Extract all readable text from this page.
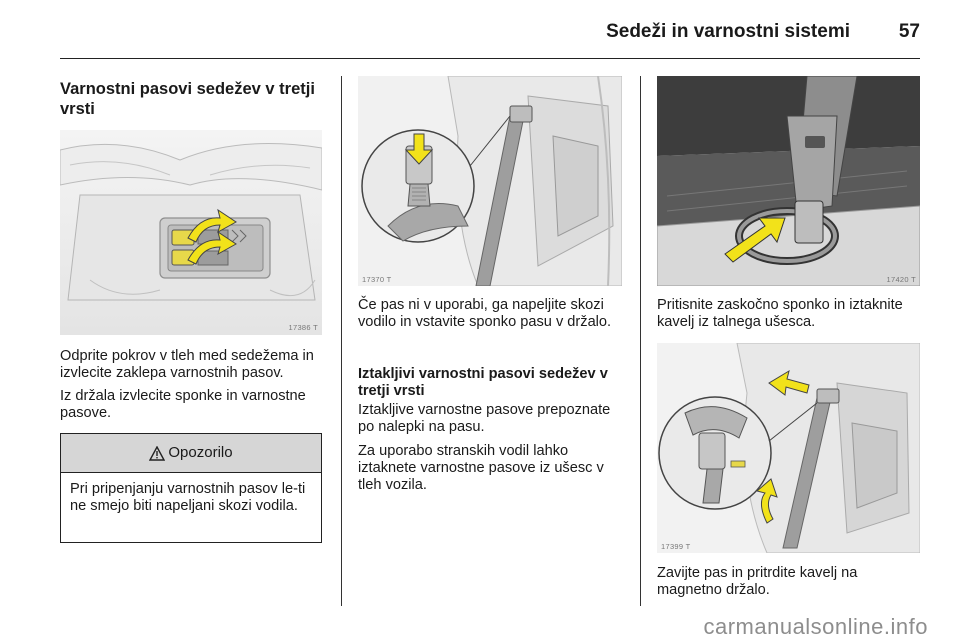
Sedeži in varnostni sistemi	57
Varnostni pasovi sedežev v tretji vrsti
17386 T

Odprite pokrov v tleh med sedežema in izvlecite zaklepa varnostnih pasov.

Iz držala izvlecite sponke in varnostne pasove.

Opozorilo
Pri pripenjanju varnostnih pasov le-ti ne smejo biti napeljani skozi vodila.
17370 T

Če pas ni v uporabi, ga napeljite skozi vodilo in vstavite sponko pasu v držalo.

Iztakljivi varnostni pasovi sedežev v tretji vrsti

Iztakljive varnostne pasove prepoznate po nalepki na pasu.

Za uporabo stranskih vodil lahko iztaknete varnostne pasove iz ušesc v tleh vozila.

17420 T

Pritisnite zaskočno sponko in iztaknite kavelj iz talnega ušesca.

17399 T

Zavijte pas in pritrdite kavelj na magnetno držalo.

carmanualsonline.info
